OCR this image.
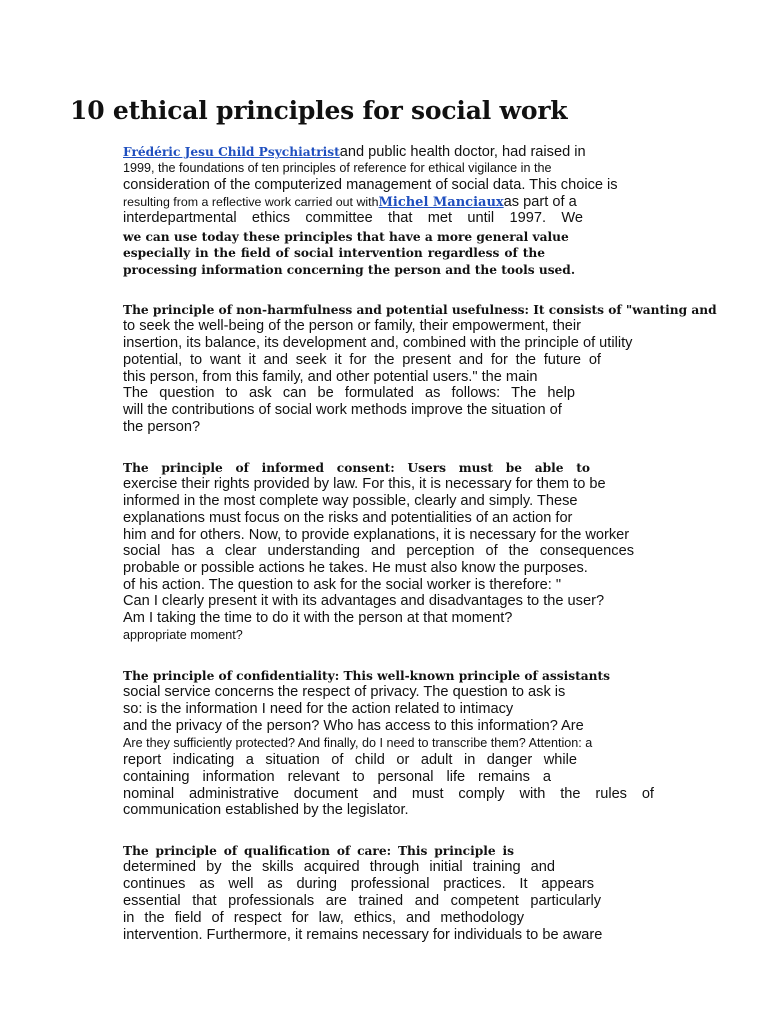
10 ethical principles for social work
Frédéric Jesu Child Psychiatristand public health doctor, had raised in
1999, the foundations of ten principles of reference for ethical vigilance in the
consideration of the computerized management of social data. This choice is
resulting from a reflective work carried out withMichel Manciauxas part of a
interdepartmental ethics committee that met until 1997. We
we can use today these principles that have a more general value
especially in the field of social intervention regardless of the
processing information concerning the person and the tools used.
The principle of non-harmfulness and potential usefulness: It consists of "wanting and
to seek the well-being of the person or family, their empowerment, their
insertion, its balance, its development and, combined with the principle of utility
potential, to want it and seek it for the present and for the future of
this person, from this family, and other potential users." the main
The question to ask can be formulated as follows: The help
will the contributions of social work methods improve the situation of
the person?
The principle of informed consent: Users must be able to
exercise their rights provided by law. For this, it is necessary for them to be
informed in the most complete way possible, clearly and simply. These
explanations must focus on the risks and potentialities of an action for
him and for others. Now, to provide explanations, it is necessary for the worker
social has a clear understanding and perception of the consequences
probable or possible actions he takes. He must also know the purposes.
of his action. The question to ask for the social worker is therefore: "
Can I clearly present it with its advantages and disadvantages to the user?
Am I taking the time to do it with the person at that moment?
appropriate moment?
The principle of confidentiality: This well-known principle of assistants
social service concerns the respect of privacy. The question to ask is
so: is the information I need for the action related to intimacy
and the privacy of the person? Who has access to this information? Are
Are they sufficiently protected? And finally, do I need to transcribe them? Attention: a
report indicating a situation of child or adult in danger while
containing information relevant to personal life remains a
nominal administrative document and must comply with the rules of
communication established by the legislator.
The principle of qualification of care: This principle is
determined by the skills acquired through initial training and
continues as well as during professional practices. It appears
essential that professionals are trained and competent particularly
in the field of respect for law, ethics, and methodology
intervention. Furthermore, it remains necessary for individuals to be aware
